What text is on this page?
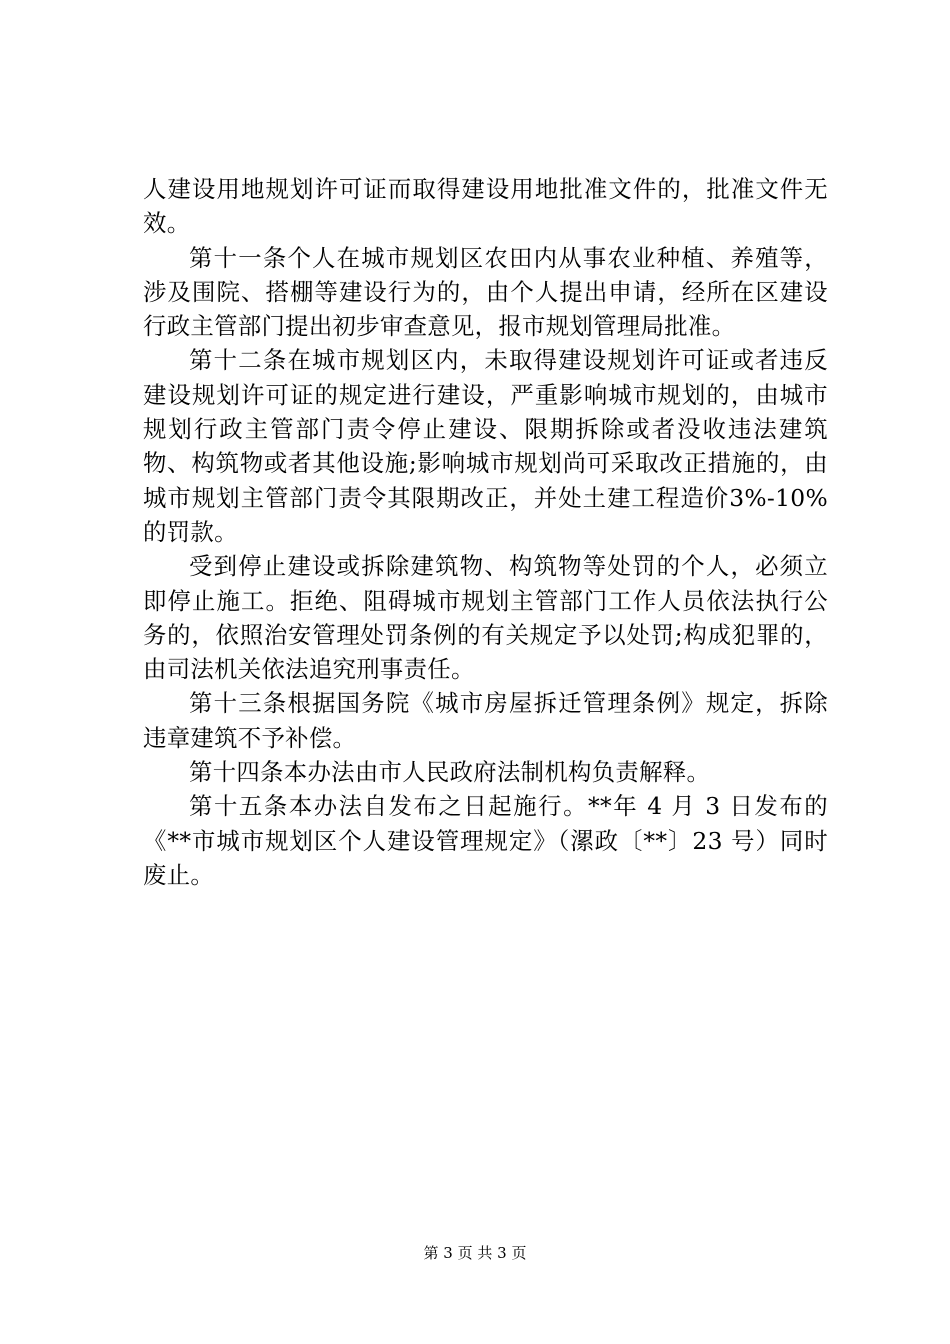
人建设用地规划许可证而取得建设用地批准文件的，批准文件无效。

第十一条个人在城市规划区农田内从事农业种植、养殖等，涉及围院、搭棚等建设行为的，由个人提出申请，经所在区建设行政主管部门提出初步审查意见，报市规划管理局批准。

第十二条在城市规划区内，未取得建设规划许可证或者违反建设规划许可证的规定进行建设，严重影响城市规划的，由城市规划行政主管部门责令停止建设、限期拆除或者没收违法建筑物、构筑物或者其他设施;影响城市规划尚可采取改正措施的，由城市规划主管部门责令其限期改正，并处土建工程造价3%-10%的罚款。

受到停止建设或拆除建筑物、构筑物等处罚的个人，必须立即停止施工。拒绝、阻碍城市规划主管部门工作人员依法执行公务的，依照治安管理处罚条例的有关规定予以处罚;构成犯罪的，由司法机关依法追究刑事责任。

第十三条根据国务院《城市房屋拆迁管理条例》规定，拆除违章建筑不予补偿。

第十四条本办法由市人民政府法制机构负责解释。

第十五条本办法自发布之日起施行。**年 4 月 3 日发布的《**市城市规划区个人建设管理规定》（漯政〔**〕23 号）同时废止。

第 3 页 共 3 页
